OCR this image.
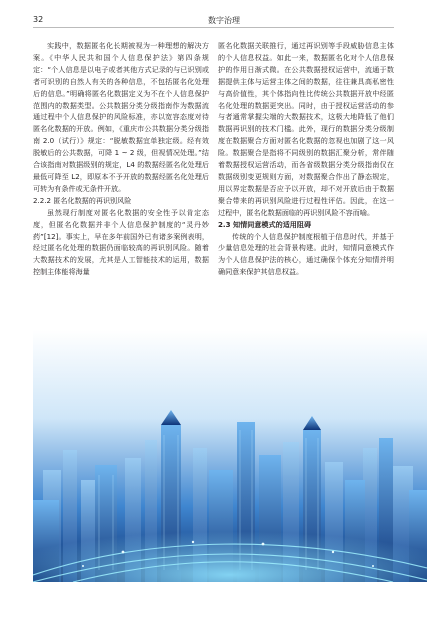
32	数字治理

实践中，数据匿名化长期被视为一种理想的解决方案。《中华人民共和国个人信息保护法》第四条规定：“个人信息是以电子或者其他方式记录的与已识别或者可识别的自然人有关的各种信息，不包括匿名化处理后的信息。”明确将匿名化数据定义为不在个人信息保护范围内的数据类型。公共数据分类分级指南作为数据流通过程中个人信息保护的风险标准，亦以宽容态度对待匿名化数据的开放。例如，《重庆市公共数据分类分级指南 2.0（试行）》规定：“脱敏数据宜单独定级。经有效脱敏后的公共数据，可降 1 ~ 2 级，但视情况处理。”结合该指南对数据级别的规定，L4 的数据经匿名化处理后最低可降至 L2，即原本不予开放的数据经匿名化处理后可转为有条件或无条件开放。

2.2.2 匿名化数据的再识别风险

虽然现行制度对匿名化数据的安全性予以肯定态度，但匿名化数据并非个人信息保护制度的“灵丹妙药”[12]。事实上，早在多年前国外已有诸多案例表明，经过匿名化处理的数据仍面临较高的再识别风险。随着大数据技术的发展，尤其是人工智能技术的运用，数据控制主体能将海量

匿名化数据关联推行，通过再识别等手段威胁信息主体的个人信息权益。如此一来，数据匿名化对个人信息保护的作用日渐式微。在公共数据授权运营中，流通于数据提供主体与运营主体之间的数据，往往兼具高私密性与高价值性，其个体指向性比传统公共数据开放中经匿名化处理的数据更突出。同时，由于授权运营活动的参与者通常掌握尖端的大数据技术，这极大地降低了他们数据再识别的技术门槛。此外，现行的数据分类分级制度在数据聚合方面对匿名化数据的忽视也加剧了这一风险。数据聚合是指将不同级别的数据汇聚分析，常伴随着数据授权运营活动，而各省级数据分类分级指南仅在数据级别变更规则方面，对数据聚合作出了静态规定，用以界定数据是否应予以开放，却不对开放后由于数据聚合带来的再识别风险进行过程性评估。因此，在这一过程中，匿名化数据面临的再识别风险不容而喻。

2.3 知情同意模式的适用阻碍

传统的个人信息保护制度根植于信息时代，并基于少量信息处理的社会背景构建。此时，知情同意模式作为个人信息保护法的核心，通过确保个体充分知情并明确同意来保护其信息权益。
